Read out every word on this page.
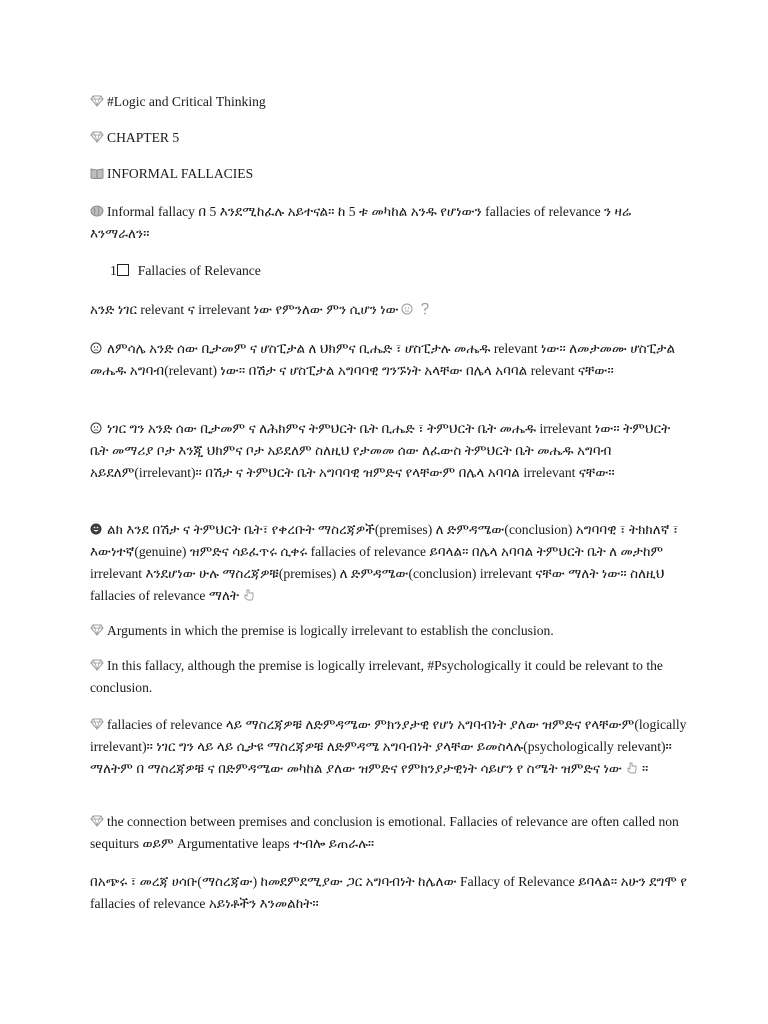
#Logic and Critical Thinking

CHAPTER 5

INFORMAL FALLACIES

Informal fallacy በ 5 እንደሚከፈሉ አይተናል። ከ 5 ቱ መካከል አንዱ የሆነውን fallacies of relevance ን ዛሬ እንማራለን።

1 Fallacies of Relevance

አንድ ነገር relevant ና irrelevant ነው የምንለው ምን ሲሆን ነው

ለምሳሌ አንድ ሰው ቢታመም ና ሆስፒታል ለ ህክምና ቢሔድ ፣ ሆስፒታሉ መሔዱ relevant ነው። ለመታመሙ ሆስፒታል መሔዱ አግባብ(relevant) ነው። በሽታ ና ሆስፒታል አግባባዊ ግንኙነት አላቸው በሌላ አባባል relevant ናቸው።

ነገር ግን አንድ ሰው ቢታመም ና ለሕክምና ትምህርት ቤት ቢሔድ ፣ ትምህርት ቤት መሔዱ irrelevant ነው። ትምህርት ቤት መማሪያ ቦታ እንጂ ህክምና ቦታ አይደለም ስለዚህ የታመመ ሰው ለፈውስ ትምህርት ቤት መሔዱ አግባብ አይደለም(irrelevant)። በሽታ ና ትምህርት ቤት አግባባዊ ዝምድና የላቸውም በሌላ አባባል irrelevant ናቸው።

ልክ እንደ በሽታ ና ትምህርት ቤት፣ የቀረቡት ማስረጃዎች(premises) ለ ድምዳሜው(conclusion) አግባባዊ ፣ ትክክለኛ ፣ እውነተኛ(genuine) ዝምድና ሳይፈጥሩ ሲቀሩ fallacies of relevance ይባላል። በሌላ አባባል ትምህርት ቤት ለ መታከም irrelevant እንደሆነው ሁሉ ማስረጃዎቹ(premises) ለ ድምዳሜው(conclusion) irrelevant ናቸው ማለት ነው። ስለዚህ fallacies of relevance ማለት

Arguments in which the premise is logically irrelevant to establish the conclusion.

In this fallacy, although the premise is logically irrelevant, #Psychologically it could be relevant to the conclusion.

fallacies of relevance ላይ ማስረጃዎቹ ለድምዳሜው ምክንያታዊ የሆነ አግባብነት ያለው ዝምድና የላቸውም(logically irrelevant)። ነገር ግን ላይ ላይ ሲታዩ ማስረጃዎቹ ለድምዳሜ አግባብነት ያላቸው ይመስላሉ(psychologically relevant)። ማለትም በ ማስረጃዎቹ ና በድምዳሜው መካከል ያለው ዝምድና የምክንያታዊነት ሳይሆን የ ስሜት ዝምድና ነው ።

the connection between premises and conclusion is emotional. Fallacies of relevance are often called non sequiturs ወይም Argumentative leaps ተብሎ ይጠራሉ።

በአጭሩ ፣ መረጃ ሀሳቡ(ማስረጃው) ከመደምደሚያው ጋር አግባብነት ከሌለው Fallacy of Relevance ይባላል። አሁን ደግሞ የ fallacies of relevance አይነቶችን እንመልከት።
